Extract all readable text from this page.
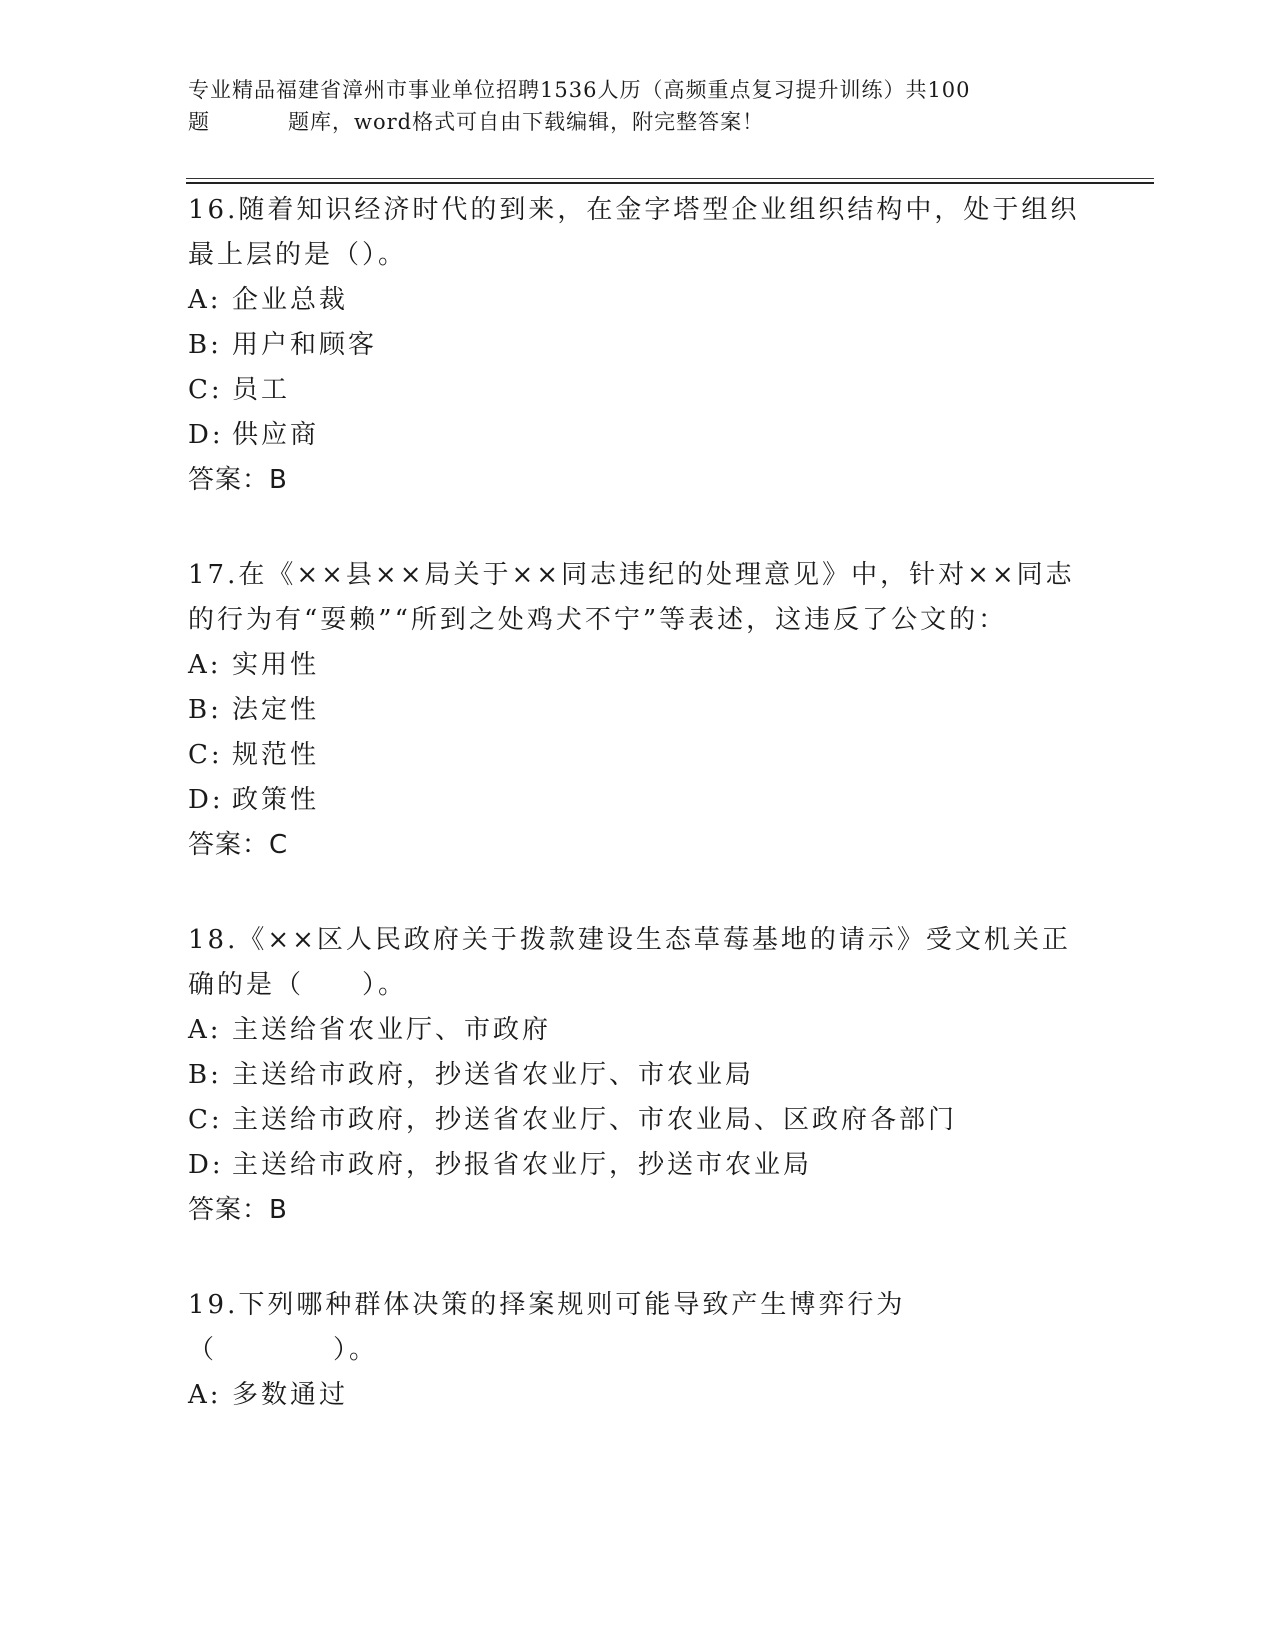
专业精品福建省漳州市事业单位招聘1536人历（高频重点复习提升训练）共100
题	题库，word格式可自由下载编辑，附完整答案！

16.随着知识经济时代的到来，在金字塔型企业组织结构中，处于组织最上层的是（）。

A: 企业总裁
B: 用户和顾客
C: 员工
D: 供应商
答案：B

17.在《××县××局关于××同志违纪的处理意见》中，针对××同志的行为有“耍赖”“所到之处鸡犬不宁”等表述，这违反了公文的：

A: 实用性
B: 法定性
C: 规范性
D: 政策性
答案：C

18.《××区人民政府关于拨款建设生态草莓基地的请示》受文机关正确的是（　　）。

A: 主送给省农业厅、市政府
B: 主送给市政府，抄送省农业厅、市农业局
C: 主送给市政府，抄送省农业厅、市农业局、区政府各部门
D: 主送给市政府，抄报省农业厅，抄送市农业局
答案：B

19.下列哪种群体决策的择案规则可能导致产生博弈行为（　　　　）。

A: 多数通过
